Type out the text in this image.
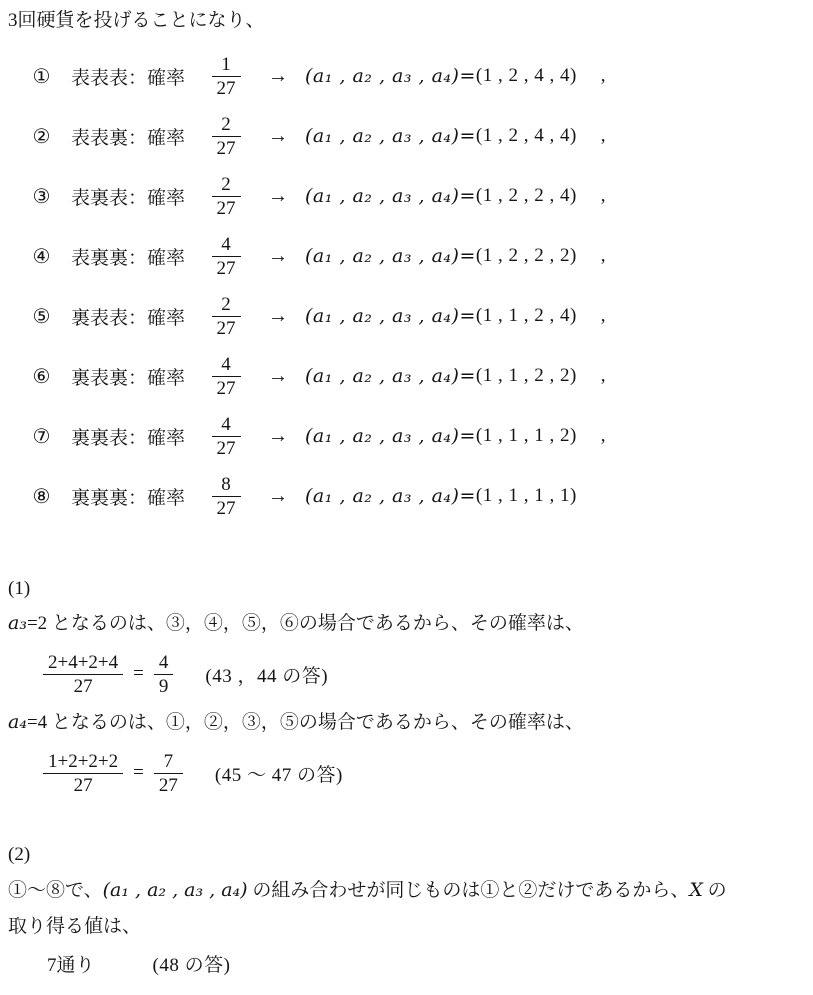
3回硬貨を投げることになり、
① 表表表：確率	$\frac{1}{27} \to (a_1$ , a₂ , a₃ , a₄)= (1 , 2 , 4 , 4) ,
② 表表裏：確率	$\frac{2}{27} \to (a_1$ , a₂ , a₃ , a₄)= (1 , 2 , 4 , 4) ,
③ 表裏表：確率	$\frac{2}{27} \to (a_1$ , a₂ , a₃ , a₄)= (1 , 2 , 2 , 4) ,
④ 表裏裏：確率	$\frac{4}{27} \to (a_1$ , a₂ , a₃ , a₄)= (1 , 2 , 2 , 2) ,
⑤ 裏表表：確率	$\frac{2}{27} \to (a_1$ , a₂ , a₃ , a₄)= (1 , 1 , 2 , 4) ,
⑥ 裏表裏：確率	$\frac{4}{27} \to (a_1$ , a₂ , a₃ , a₄)= (1 , 1 , 2 , 2) ,
⑦ 裏裏表：確率	$\frac{4}{27} \to (a_1$ , a₂ , a₃ , a₄)= (1 , 1 , 1 , 2) ,
⑧ 裏裏裏：確率	$\frac{8}{27} \to (a_1$ , a₂ , a₃ , a₄)= (1 , 1 , 1 , 1)
(1)
a₃=2 となるのは、③，④，⑤，⑥の場合であるから、その確率は、
$\frac{2+4+2+4}{27} = \frac{4}{9} (43$ ，44 の答)
a₄=4 となるのは、①，②，③，⑤の場合であるから、その確率は、
$\frac{1+2+2+2}{27} = \frac{7}{27} (45$ ～ 47 の答)
(2)
①～⑧で、(a₁ , a₂ , a₃ , a₄) の組み合わせが同じものは①と②だけであるから、X の
取り得る値は、
7通り	(48 の答)
